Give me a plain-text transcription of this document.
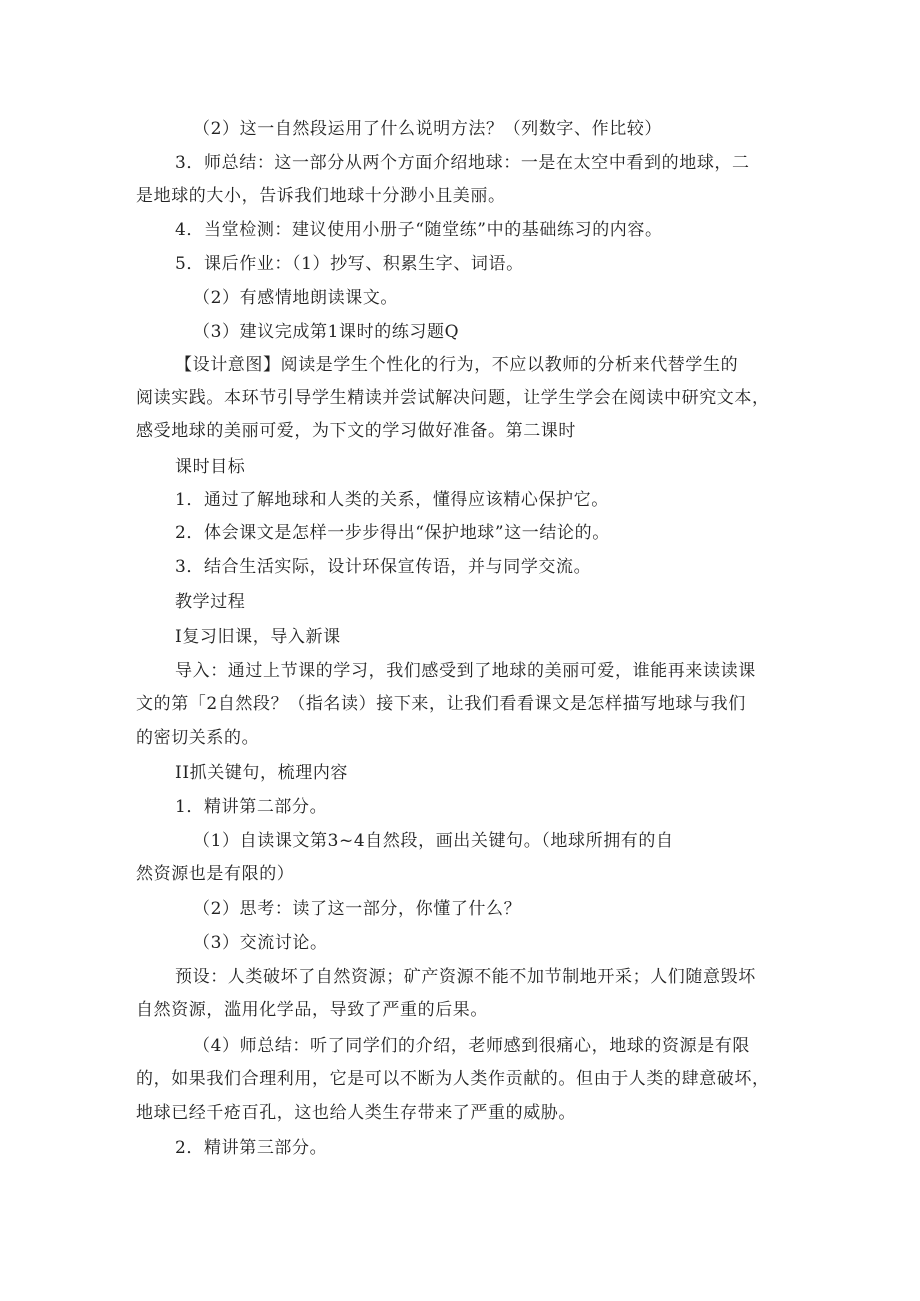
（2）这一自然段运用了什么说明方法？（列数字、作比较）
3．师总结：这一部分从两个方面介绍地球：一是在太空中看到的地球，二
是地球的大小，告诉我们地球十分渺小且美丽。
4．当堂检测：建议使用小册子“随堂练”中的基础练习的内容。
5．课后作业：（1）抄写、积累生字、词语。
（2）有感情地朗读课文。
（3）建议完成第1课时的练习题Q
【设计意图】阅读是学生个性化的行为，不应以教师的分析来代替学生的
阅读实践。本环节引导学生精读并尝试解决问题，让学生学会在阅读中研究文本，
感受地球的美丽可爱，为下文的学习做好准备。第二课时
课时目标
1．通过了解地球和人类的关系，懂得应该精心保护它。
2．体会课文是怎样一步步得出“保护地球”这一结论的。
3．结合生活实际，设计环保宣传语，并与同学交流。
教学过程
Ⅰ复习旧课，导入新课
导入：通过上节课的学习，我们感受到了地球的美丽可爱，谁能再来读读课
文的第「2自然段？（指名读）接下来，让我们看看课文是怎样描写地球与我们
的密切关系的。
II抓关键句，梳理内容
1．精讲第二部分。
（1）自读课文第3~4自然段，画出关键句。（地球所拥有的自
然资源也是有限的）
（2）思考：读了这一部分，你懂了什么？
（3）交流讨论。
预设：人类破坏了自然资源；矿产资源不能不加节制地开采；人们随意毁坏
自然资源，滥用化学品，导致了严重的后果。
（4）师总结：听了同学们的介绍，老师感到很痛心，地球的资源是有限
的，如果我们合理利用，它是可以不断为人类作贡献的。但由于人类的肆意破坏，
地球已经千疮百孔，这也给人类生存带来了严重的威胁。
2．精讲第三部分。
